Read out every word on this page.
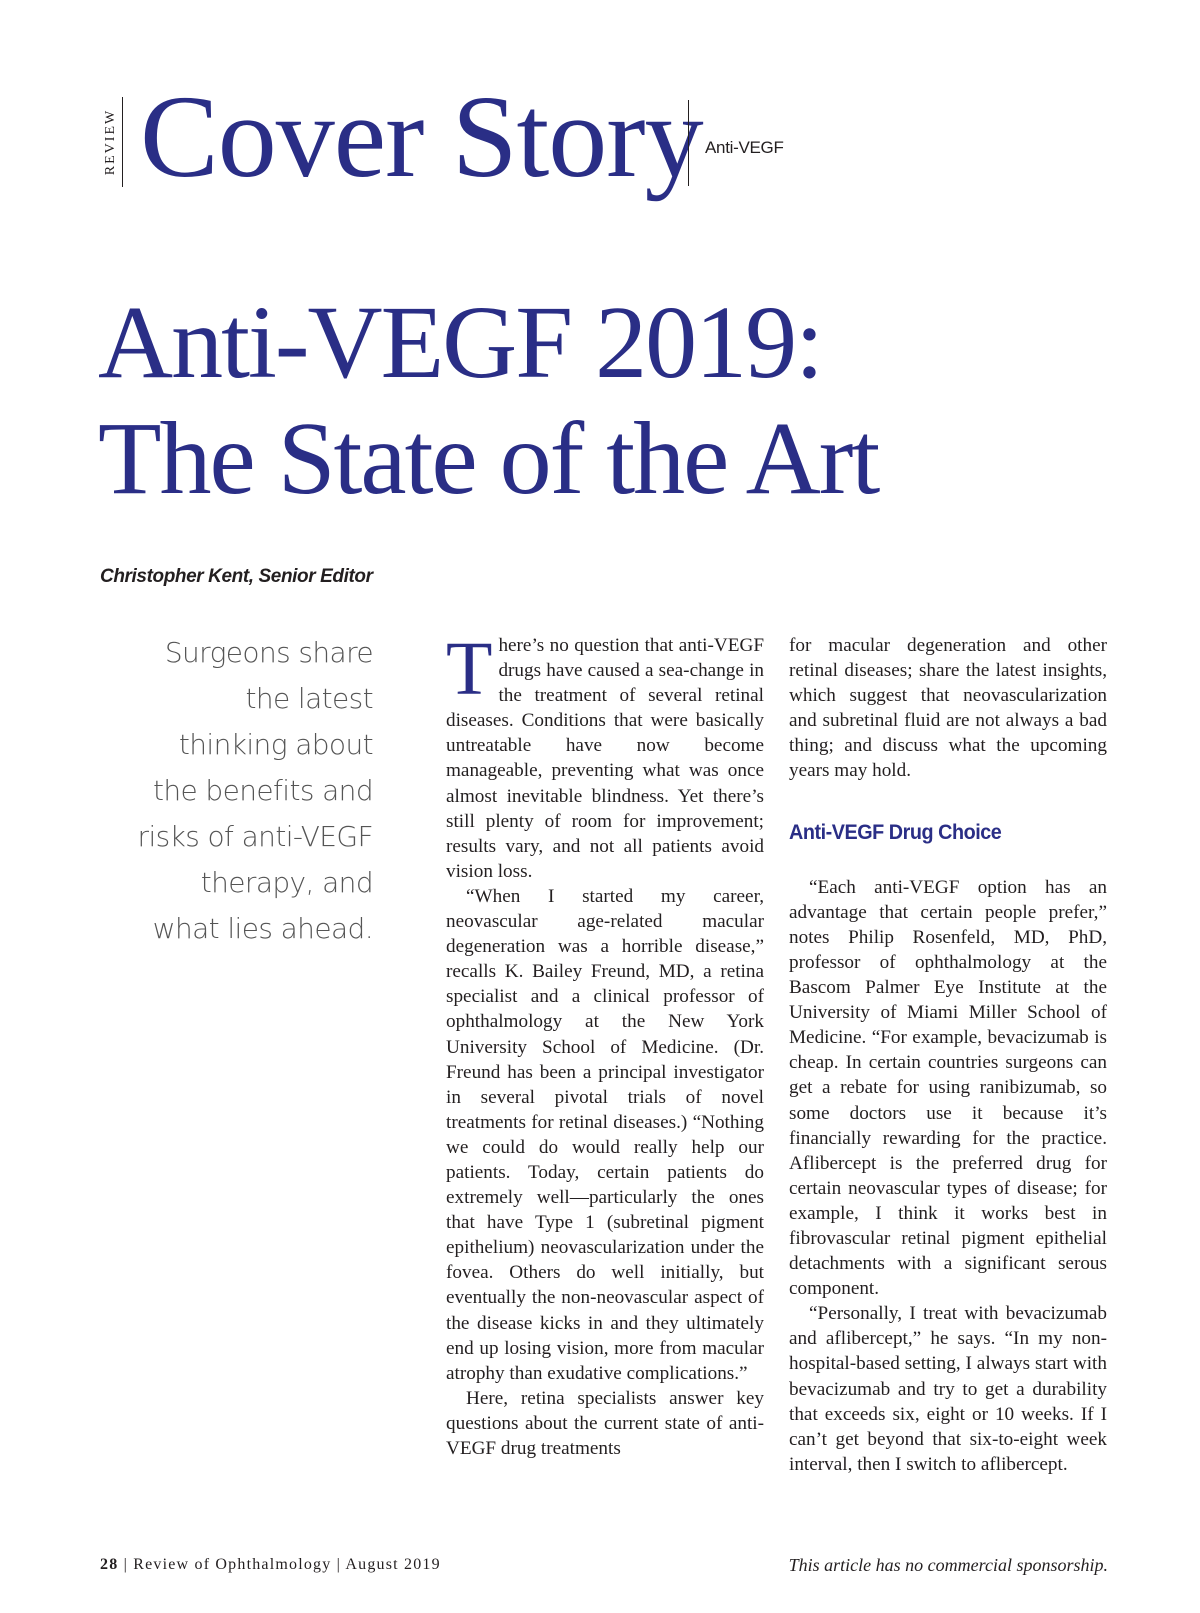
REVIEW Cover Story Anti-VEGF
Anti-VEGF 2019:
The State of the Art
Christopher Kent, Senior Editor
Surgeons share the latest thinking about the benefits and risks of anti-VEGF therapy, and what lies ahead.

There’s no question that anti-VEGF drugs have caused a sea-change in the treatment of several retinal diseases. Conditions that were basically untreatable have now become manageable, preventing what was once almost inevitable blindness. Yet there’s still plenty of room for improvement; results vary, and not all patients avoid vision loss.

“When I started my career, neovascular age-related macular degeneration was a horrible disease,” recalls K. Bailey Freund, MD, a retina specialist and a clinical professor of ophthalmology at the New York University School of Medicine. (Dr. Freund has been a principal investigator in several pivotal trials of novel treatments for retinal diseases.) “Nothing we could do would really help our patients. Today, certain patients do extremely well—particularly the ones that have Type 1 (subretinal pigment epithelium) neovascularization under the fovea. Others do well initially, but eventually the non-neovascular aspect of the disease kicks in and they ultimately end up losing vision, more from macular atrophy than exudative complications.”

Here, retina specialists answer key questions about the current state of anti-VEGF drug treatments

for macular degeneration and other retinal diseases; share the latest insights, which suggest that neovascularization and subretinal fluid are not always a bad thing; and discuss what the upcoming years may hold.

Anti-VEGF Drug Choice

“Each anti-VEGF option has an advantage that certain people prefer,” notes Philip Rosenfeld, MD, PhD, professor of ophthalmology at the Bascom Palmer Eye Institute at the University of Miami Miller School of Medicine. “For example, bevacizumab is cheap. In certain countries surgeons can get a rebate for using ranibizumab, so some doctors use it because it’s financially rewarding for the practice. Aflibercept is the preferred drug for certain neovascular types of disease; for example, I think it works best in fibrovascular retinal pigment epithelial detachments with a significant serous component.

“Personally, I treat with bevacizumab and aflibercept,” he says. “In my non-hospital-based setting, I always start with bevacizumab and try to get a durability that exceeds six, eight or 10 weeks. If I can’t get beyond that six-to-eight week interval, then I switch to aflibercept.

28 | Review of Ophthalmology | August 2019	This article has no commercial sponsorship.
